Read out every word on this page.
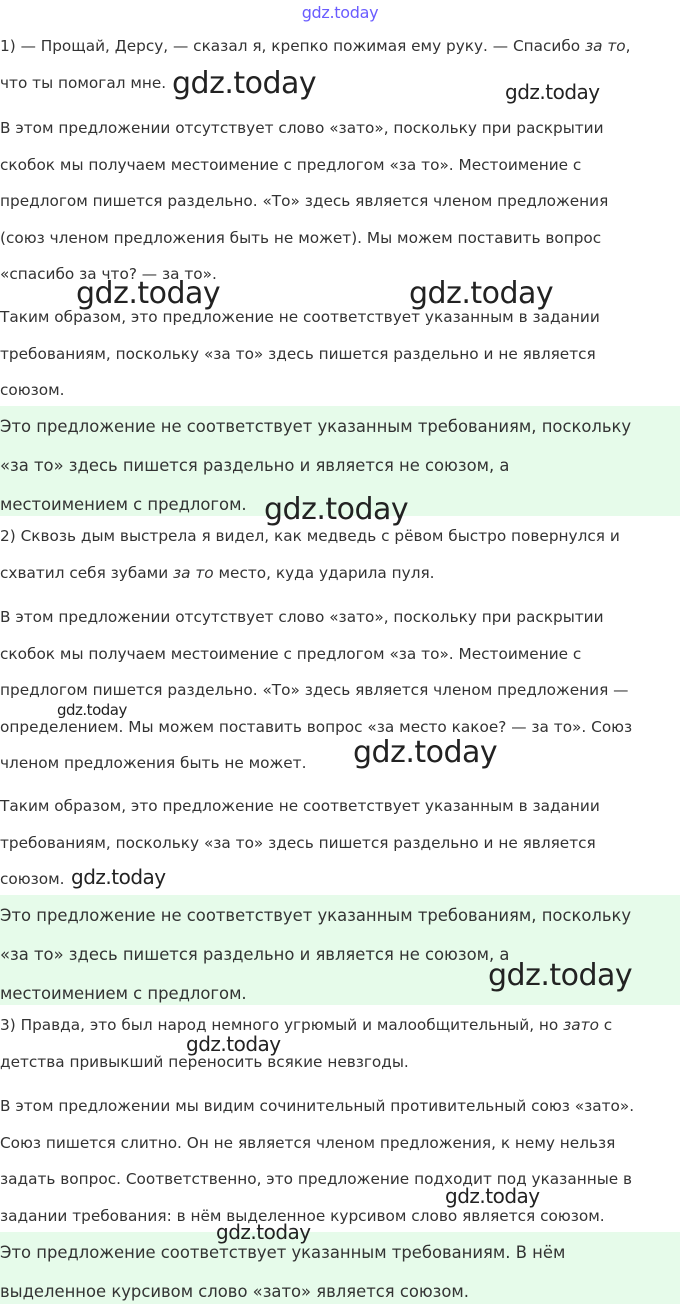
gdz.today
1) — Прощай, Дерсу, — сказал я, крепко пожимая ему руку. — Спасибо за то,
что ты помогал мне.
В этом предложении отсутствует слово «зато», поскольку при раскрытии
скобок мы получаем местоимение с предлогом «за то». Местоимение с
предлогом пишется раздельно. «То» здесь является членом предложения
(союз членом предложения быть не может). Мы можем поставить вопрос
«спасибо за что? — за то».
Таким образом, это предложение не соответствует указанным в задании
требованиям, поскольку «за то» здесь пишется раздельно и не является
союзом.
Это предложение не соответствует указанным требованиям, поскольку
«за то» здесь пишется раздельно и является не союзом, а
местоимением с предлогом.
2) Сквозь дым выстрела я видел, как медведь с рёвом быстро повернулся и
схватил себя зубами за то место, куда ударила пуля.
В этом предложении отсутствует слово «зато», поскольку при раскрытии
скобок мы получаем местоимение с предлогом «за то». Местоимение с
предлогом пишется раздельно. «То» здесь является членом предложения —
определением. Мы можем поставить вопрос «за место какое? — за то». Союз
членом предложения быть не может.
Таким образом, это предложение не соответствует указанным в задании
требованиям, поскольку «за то» здесь пишется раздельно и не является
союзом.
Это предложение не соответствует указанным требованиям, поскольку
«за то» здесь пишется раздельно и является не союзом, а
местоимением с предлогом.
3) Правда, это был народ немного угрюмый и малообщительный, но зато с
детства привыкший переносить всякие невзгоды.
В этом предложении мы видим сочинительный противительный союз «зато».
Союз пишется слитно. Он не является членом предложения, к нему нельзя
задать вопрос. Соответственно, это предложение подходит под указанные в
задании требования: в нём выделенное курсивом слово является союзом.
Это предложение соответствует указанным требованиям. В нём
выделенное курсивом слово «зато» является союзом.
gdz.today	gdz.today
gdz.today	gdz.today
gdz.today
gdz.today
gdz.today
gdz.today
gdz.today
gdz.today
gdz.today
gdz.today
